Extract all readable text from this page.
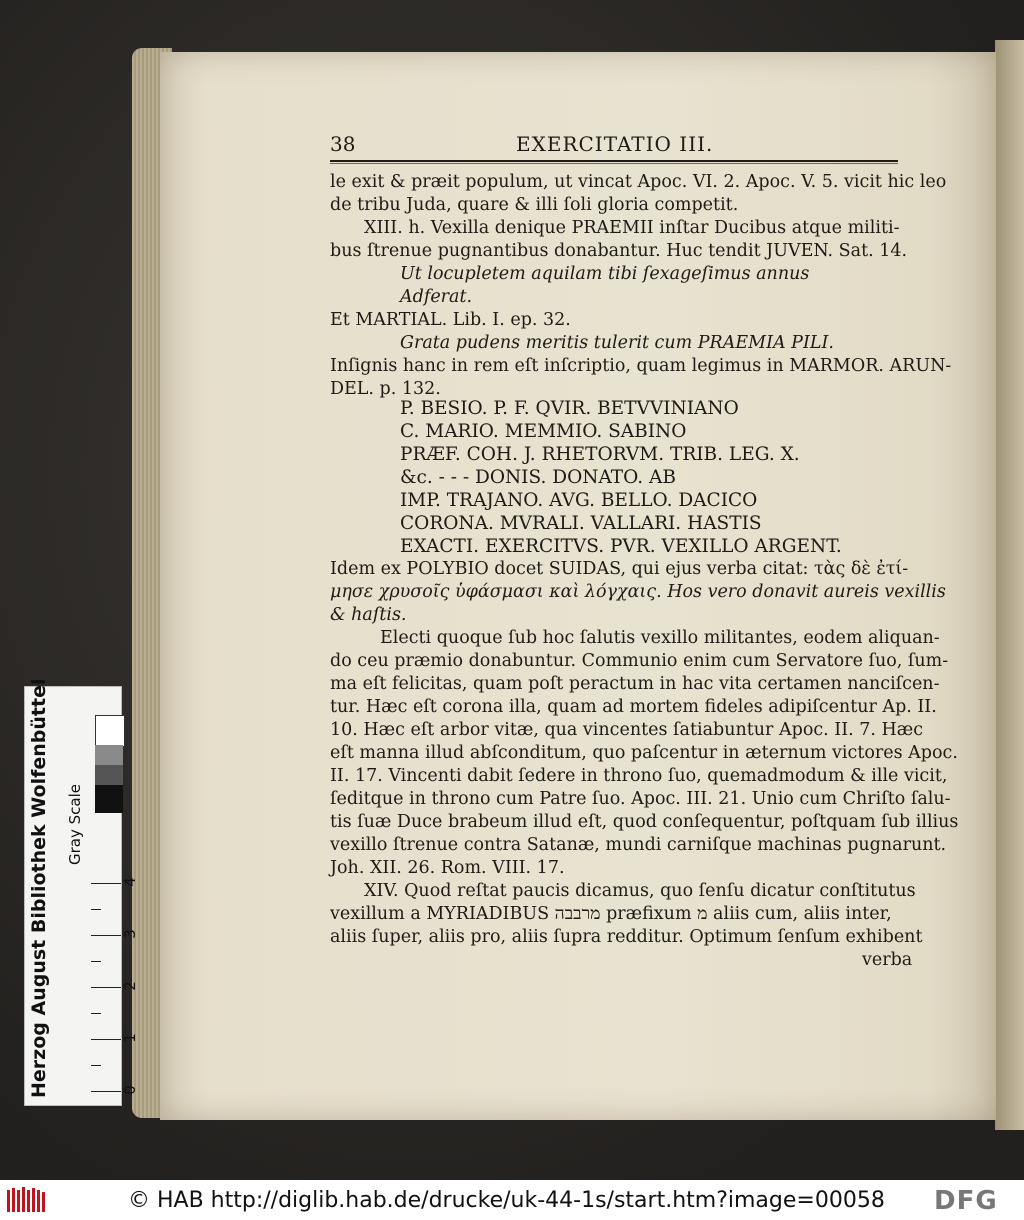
38	EXERCITATIO III.
le exit & præit populum, ut vincat Apoc. VI. 2. Apoc. V. 5. vicit hic leo
de tribu Juda, quare & illi ſoli gloria competit.
XIII. h. Vexilla denique PRAEMII inſtar Ducibus atque militi-
bus ſtrenue pugnantibus donabantur. Huc tendit JUVEN. Sat. 14.
Ut locupletem aquilam tibi ſexageſimus annus
Adferat.
Et MARTIAL. Lib. I. ep. 32.
Grata pudens meritis tulerit cum PRAEMIA PILI.
Inſignis hanc in rem eſt inſcriptio, quam legimus in MARMOR. ARUN-
DEL. p. 132.
P. BESIO. P. F. QVIR. BETVVINIANO
C. MARIO. MEMMIO. SABINO
PRÆF. COH. J. RHETORVM. TRIB. LEG. X.
&c. - - - DONIS. DONATO. AB
IMP. TRAJANO. AVG. BELLO. DACICO
CORONA. MVRALI. VALLARI. HASTIS
EXACTI. EXERCITVS. PVR. VEXILLO ARGENT.
Idem ex POLYBIO docet SUIDAS, qui ejus verba citat: τὰς δὲ ἐτί-
μησε χρυσοῖς ὑφάσμασι καὶ λόγχαις. Hos vero donavit aureis vexillis
& haſtis.
Electi quoque ſub hoc ſalutis vexillo militantes, eodem aliquan-
do ceu præmio donabuntur. Communio enim cum Servatore ſuo, ſum-
ma eſt felicitas, quam poſt peractum in hac vita certamen nanciſcen-
tur. Hæc eſt corona illa, quam ad mortem fideles adipiſcentur Ap. II.
10. Hæc eſt arbor vitæ, qua vincentes ſatiabuntur Apoc. II. 7. Hæc
eſt manna illud abſconditum, quo paſcentur in æternum victores Apoc.
II. 17. Vincenti dabit ſedere in throno ſuo, quemadmodum & ille vicit,
ſeditque in throno cum Patre ſuo. Apoc. III. 21. Unio cum Chriſto ſalu-
tis ſuæ Duce brabeum illud eſt, quod conſequentur, poſtquam ſub illius
vexillo ſtrenue contra Satanæ, mundi carniſque machinas pugnarunt.
Joh. XII. 26. Rom. VIII. 17.
XIV. Quod reſtat paucis dicamus, quo ſenſu dicatur conſtitutus
vexillum a MYRIADIBUS מרבבה præfixum מ aliis cum, aliis inter,
aliis ſuper, aliis pro, aliis ſupra redditur. Optimum ſenſum exhibent
verba
4
3
2
1
0
Herzog August Bibliothek Wolfenbüttel Gray Scale
© HAB http://diglib.hab.de/drucke/uk-44-1s/start.htm?image=00058 DFG
